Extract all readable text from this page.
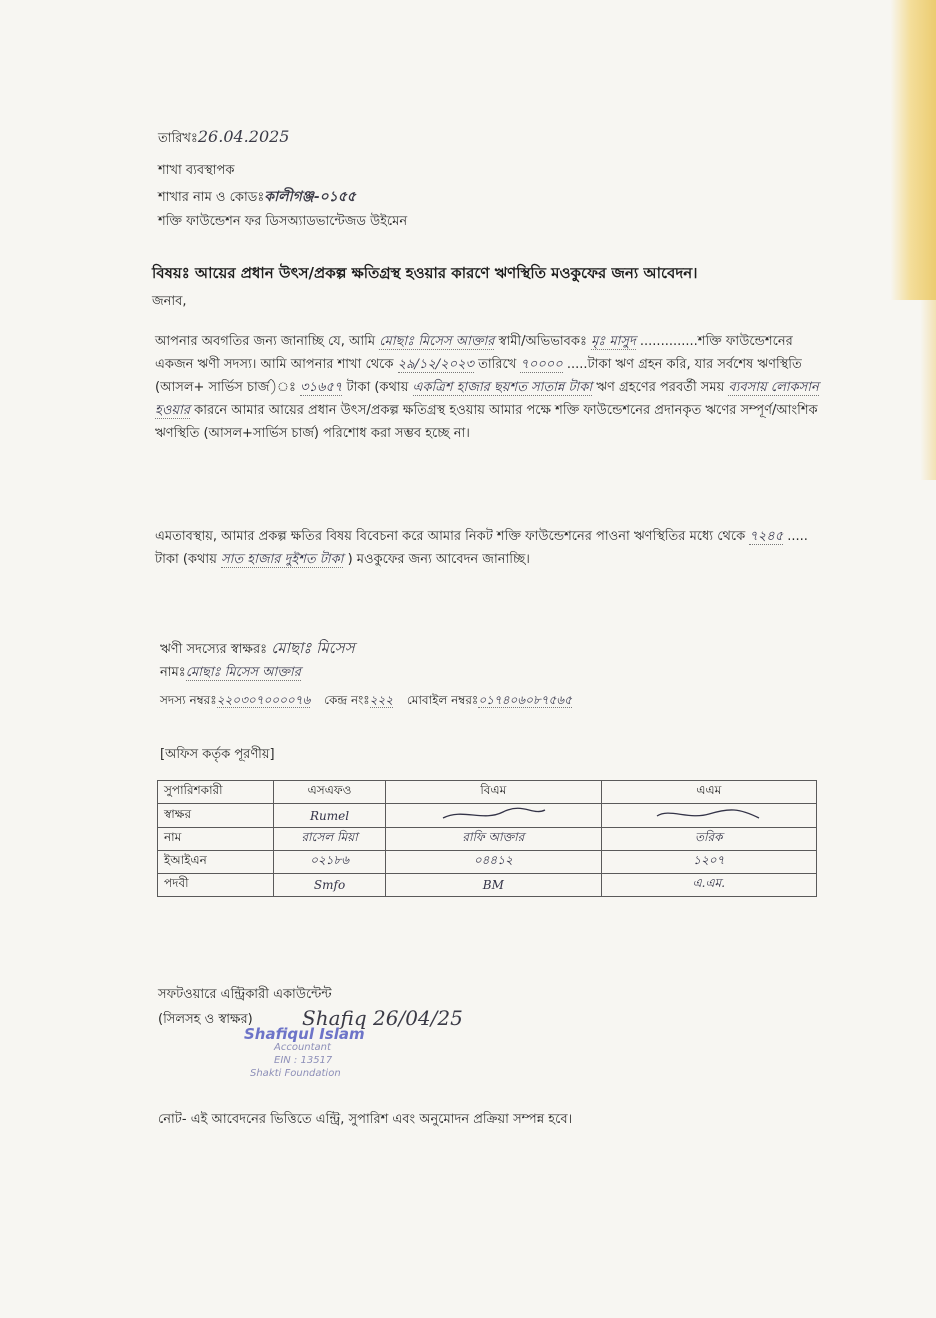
তারিখঃ26.04.2025
শাখা ব্যবস্থাপক
শাখার নাম ও কোডঃকালীগঞ্জ-০১৫৫
শক্তি ফাউন্ডেশন ফর ডিসঅ্যাডভান্টেজড উইমেন
বিষয়ঃ আয়ের প্রধান উৎস/প্রকল্প ক্ষতিগ্রস্থ হওয়ার কারণে ঋণস্থিতি মওকুফের জন্য আবেদন।
জনাব,
আপনার অবগতির জন্য জানাচ্ছি যে, আমি মোছাঃ মিসেস আক্তার স্বামী/অভিভাবকঃ মৃঃ মাসুদ ..............শক্তি ফাউন্ডেশনের একজন ঋণী সদস্য। আমি আপনার শাখা থেকে ২৯/১২/২০২৩ তারিখে ৭০০০০ .....টাকা ঋণ গ্রহন করি, যার সর্বশেষ ঋণস্থিতি (আসল+ সার্ভিস চার্জ)ঃ ৩১৬৫৭ টাকা (কথায় একত্রিশ হাজার ছয়শত সাতান্ন টাকা ঋণ গ্রহণের পরবর্তী সময় ব্যবসায় লোকসান হওয়ার কারনে আমার আয়ের প্রধান উৎস/প্রকল্প ক্ষতিগ্রস্থ হওয়ায় আমার পক্ষে শক্তি ফাউন্ডেশনের প্রদানকৃত ঋণের সম্পূর্ণ/আংশিক ঋণস্থিতি (আসল+সার্ভিস চার্জ) পরিশোধ করা সম্ভব হচ্ছে না।
এমতাবস্থায়, আমার প্রকল্প ক্ষতির বিষয় বিবেচনা করে আমার নিকট শক্তি ফাউন্ডেশনের পাওনা ঋণস্থিতির মধ্যে থেকে ৭২৪৫ ..... টাকা (কথায় সাত হাজার দুইশত টাকা ) মওকুফের জন্য আবেদন জানাচ্ছি।
ঋণী সদস্যের স্বাক্ষরঃ মোছাঃ মিসেস
নামঃমোছাঃ মিসেস আক্তার
সদস্য নম্বরঃ২২০৩০৭০০০০৭৬ কেন্দ্র নংঃ২২২ মোবাইল নম্বরঃ০১৭৪০৬০৮৭৫৬৫
[অফিস কর্তৃক পূরণীয়]
সুপারিশকারী	এসএফও	বিএম	এএম
স্বাক্ষর	Rumel		
নাম	রাসেল মিয়া	রাফি আক্তার	তরিক
ইআইএন	০২১৮৬	০৪৪১২	১২০৭
পদবী	Smfo	BM	এ.এম.
সফটওয়ারে এন্ট্রিকারী একাউন্টেন্ট
(সিলসহ ও স্বাক্ষর) Shafiq 26/04/25
Shafiqul Islam
Accountant
EIN : 13517
Shakti Foundation
নোট- এই আবেদনের ভিত্তিতে এন্ট্রি, সুপারিশ এবং অনুমোদন প্রক্রিয়া সম্পন্ন হবে।
